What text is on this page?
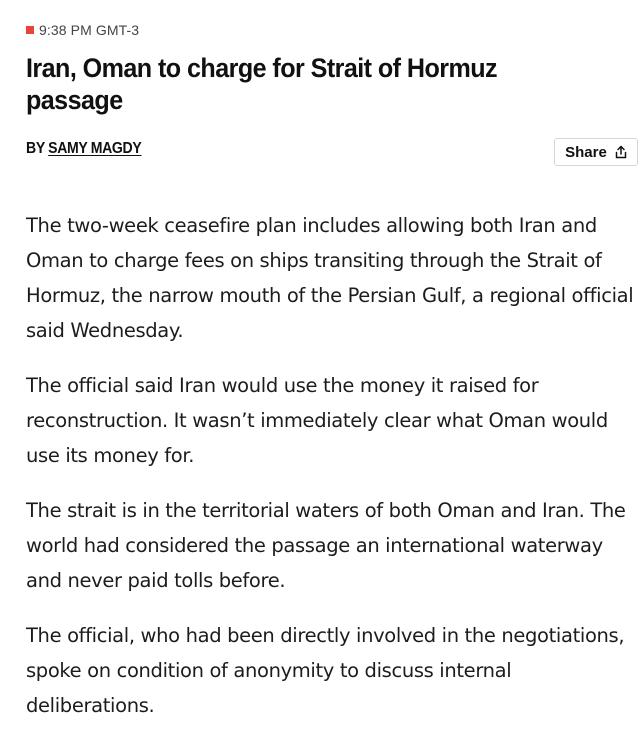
9:38 PM GMT-3
Iran, Oman to charge for Strait of Hormuz passage
BY SAMY MAGDY	Share

The two-week ceasefire plan includes allowing both Iran and Oman to charge fees on ships transiting through the Strait of Hormuz, the narrow mouth of the Persian Gulf, a regional official said Wednesday.

The official said Iran would use the money it raised for reconstruction. It wasn’t immediately clear what Oman would use its money for.

The strait is in the territorial waters of both Oman and Iran. The world had considered the passage an international waterway and never paid tolls before.

The official, who had been directly involved in the negotiations, spoke on condition of anonymity to discuss internal deliberations.
